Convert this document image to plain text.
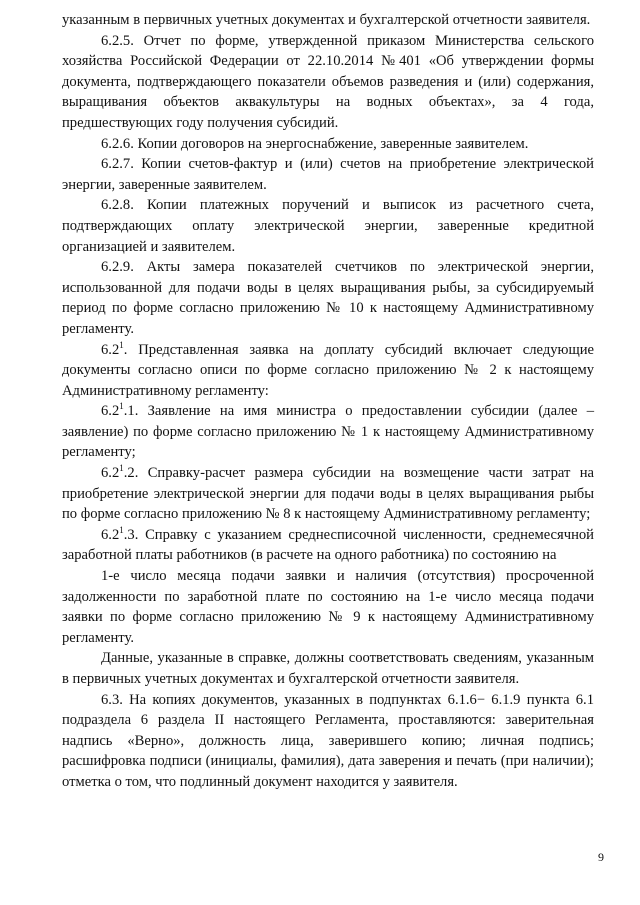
указанным в первичных учетных документах и бухгалтерской отчетности заявителя.

6.2.5. Отчет по форме, утвержденной приказом Министерства сельского хозяйства Российской Федерации от 22.10.2014 №401 «Об утверждении формы документа, подтверждающего показатели объемов разведения и (или) содержания, выращивания объектов аквакультуры на водных объектах», за 4 года, предшествующих году получения субсидий.

6.2.6. Копии договоров на энергоснабжение, заверенные заявителем.

6.2.7. Копии счетов-фактур и (или) счетов на приобретение электрической энергии, заверенные заявителем.

6.2.8. Копии платежных поручений и выписок из расчетного счета, подтверждающих оплату электрической энергии, заверенные кредитной организацией и заявителем.

6.2.9. Акты замера показателей счетчиков по электрической энергии, использованной для подачи воды в целях выращивания рыбы, за субсидируемый период по форме согласно приложению № 10 к настоящему Административному регламенту.

$6.2^1$. Представленная заявка на доплату субсидий включает следующие документы согласно описи по форме согласно приложению № 2 к настоящему Административному регламенту:

$6.2^1.1$. Заявление на имя министра о предоставлении субсидии (далее – заявление) по форме согласно приложению № 1 к настоящему Административному регламенту;

$6.2^1.2$. Справку-расчет размера субсидии на возмещение части затрат на приобретение электрической энергии для подачи воды в целях выращивания рыбы по форме согласно приложению № 8 к настоящему Административному регламенту;

$6.2^1.3$. Справку с указанием среднесписочной численности, среднемесячной заработной платы работников (в расчете на одного работника) по состоянию на

1-е число месяца подачи заявки и наличия (отсутствия) просроченной задолженности по заработной плате по состоянию на 1-е число месяца подачи заявки по форме согласно приложению № 9 к настоящему Административному регламенту.

Данные, указанные в справке, должны соответствовать сведениям, указанным в первичных учетных документах и бухгалтерской отчетности заявителя.

6.3. На копиях документов, указанных в подпунктах 6.1.6− 6.1.9 пункта 6.1 подраздела 6 раздела II настоящего Регламента, проставляются: заверительная надпись «Верно», должность лица, заверившего копию; личная подпись; расшифровка подписи (инициалы, фамилия), дата заверения и печать (при наличии); отметка о том, что подлинный документ находится у заявителя.

9
